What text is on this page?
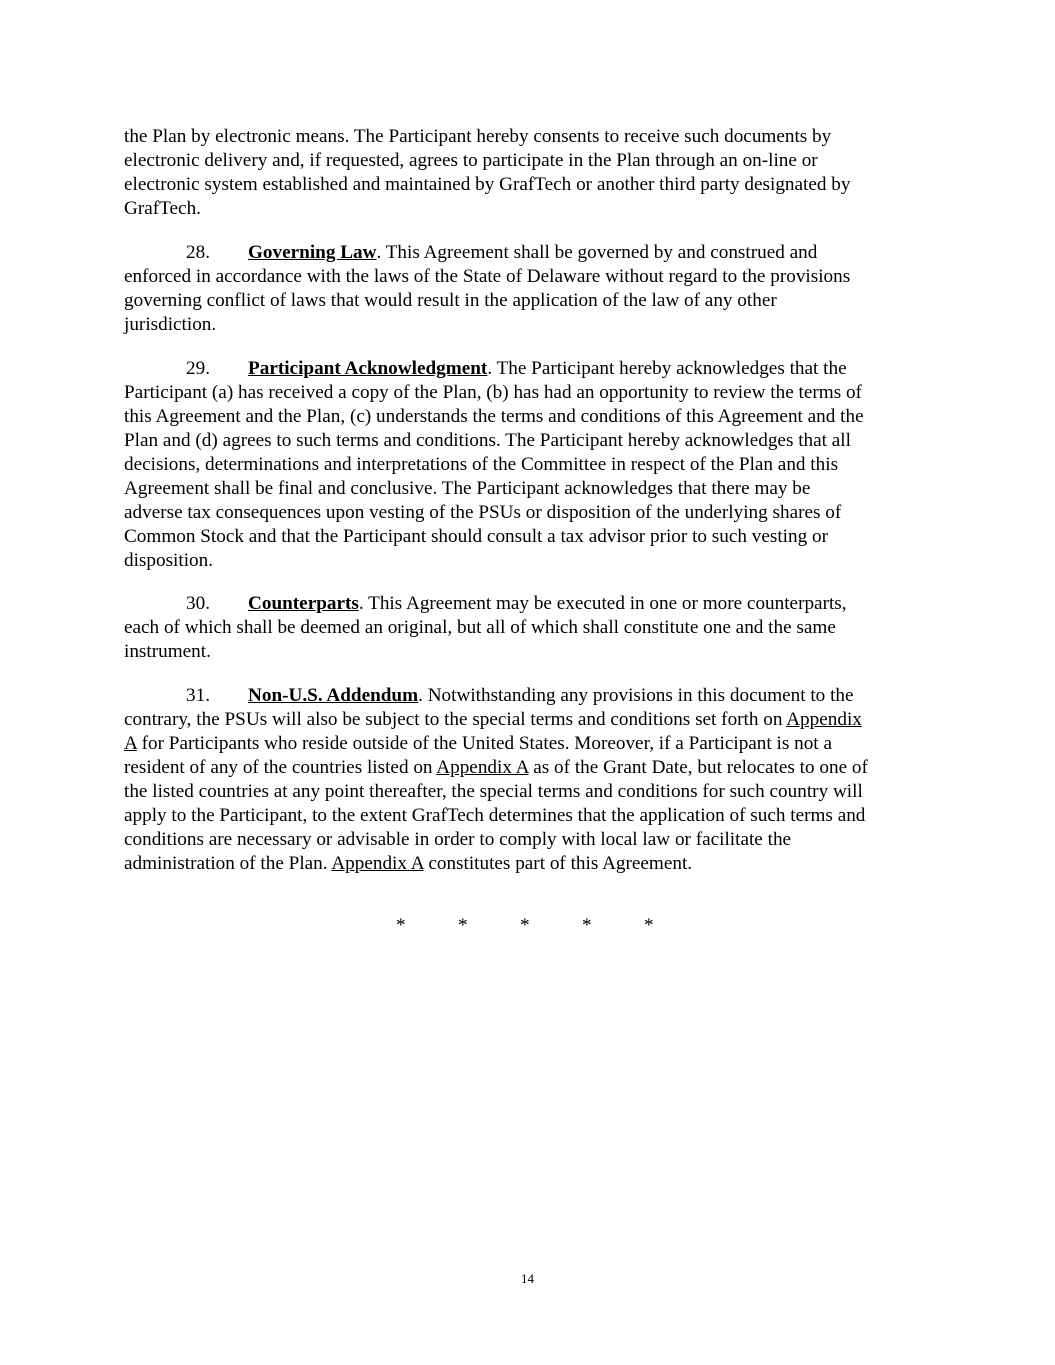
the Plan by electronic means. The Participant hereby consents to receive such documents by
electronic delivery and, if requested, agrees to participate in the Plan through an on-line or
electronic system established and maintained by GrafTech or another third party designated by
GrafTech.
28. Governing Law. This Agreement shall be governed by and construed and
enforced in accordance with the laws of the State of Delaware without regard to the provisions
governing conflict of laws that would result in the application of the law of any other
jurisdiction.
29. Participant Acknowledgment. The Participant hereby acknowledges that the
Participant (a) has received a copy of the Plan, (b) has had an opportunity to review the terms of
this Agreement and the Plan, (c) understands the terms and conditions of this Agreement and the
Plan and (d) agrees to such terms and conditions. The Participant hereby acknowledges that all
decisions, determinations and interpretations of the Committee in respect of the Plan and this
Agreement shall be final and conclusive. The Participant acknowledges that there may be
adverse tax consequences upon vesting of the PSUs or disposition of the underlying shares of
Common Stock and that the Participant should consult a tax advisor prior to such vesting or
disposition.
30. Counterparts. This Agreement may be executed in one or more counterparts,
each of which shall be deemed an original, but all of which shall constitute one and the same
instrument.
31. Non-U.S. Addendum. Notwithstanding any provisions in this document to the
contrary, the PSUs will also be subject to the special terms and conditions set forth on Appendix
A for Participants who reside outside of the United States. Moreover, if a Participant is not a
resident of any of the countries listed on Appendix A as of the Grant Date, but relocates to one of
the listed countries at any point thereafter, the special terms and conditions for such country will
apply to the Participant, to the extent GrafTech determines that the application of such terms and
conditions are necessary or advisable in order to comply with local law or facilitate the
administration of the Plan. Appendix A constitutes part of this Agreement.
*	*	*	*	*
14
